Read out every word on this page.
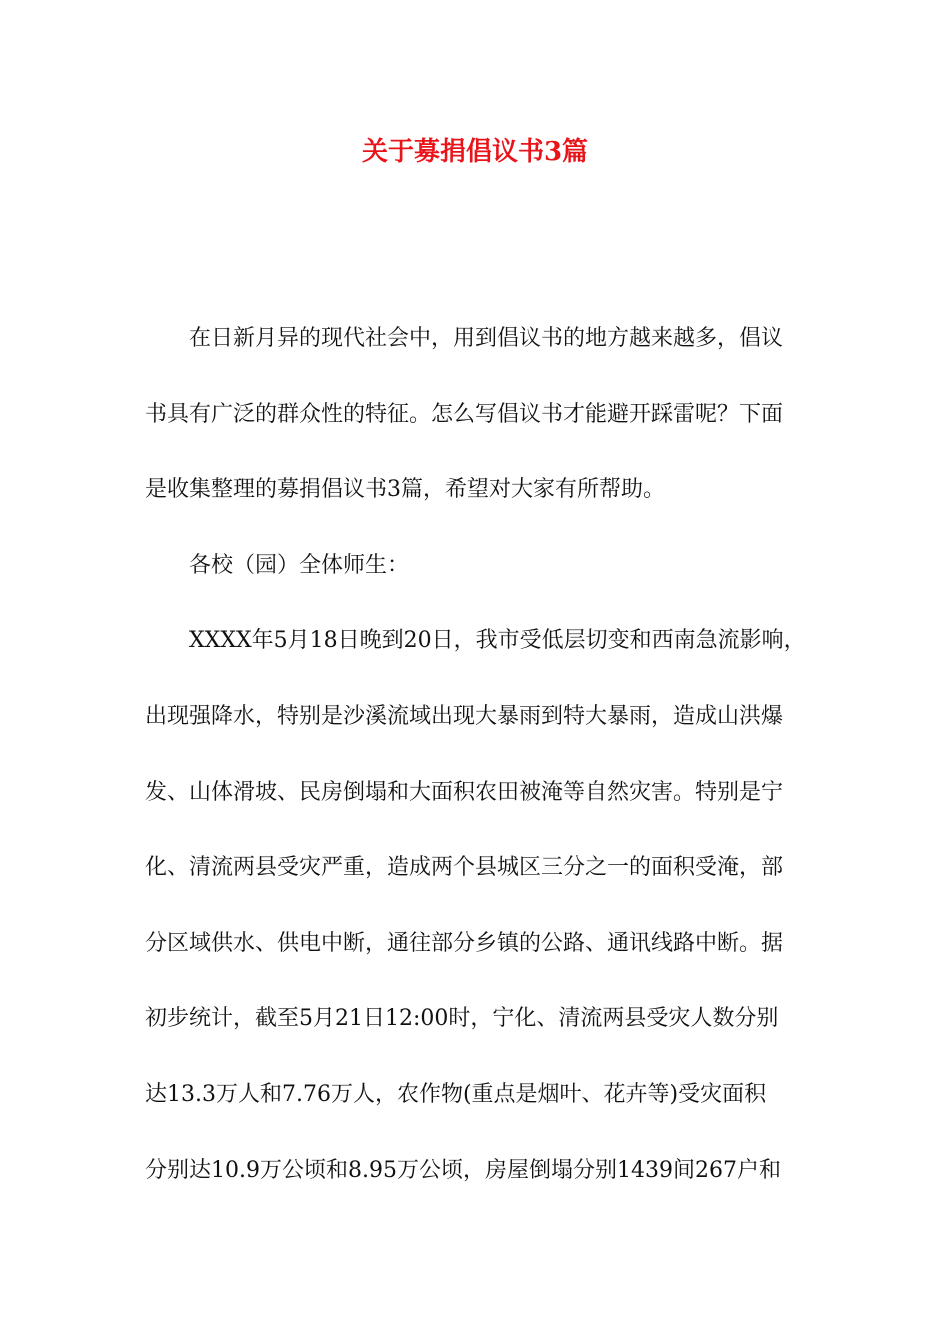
关于募捐倡议书3篇
在日新月异的现代社会中，用到倡议书的地方越来越多，倡议
书具有广泛的群众性的特征。怎么写倡议书才能避开踩雷呢？下面
是收集整理的募捐倡议书3篇，希望对大家有所帮助。
各校（园）全体师生：
XXXX年5月18日晚到20日，我市受低层切变和西南急流影响，
出现强降水，特别是沙溪流域出现大暴雨到特大暴雨，造成山洪爆
发、山体滑坡、民房倒塌和大面积农田被淹等自然灾害。特别是宁
化、清流两县受灾严重，造成两个县城区三分之一的面积受淹，部
分区域供水、供电中断，通往部分乡镇的公路、通讯线路中断。据
初步统计，截至5月21日12:00时，宁化、清流两县受灾人数分别
达13.3万人和7.76万人，农作物(重点是烟叶、花卉等)受灾面积
分别达10.9万公顷和8.95万公顷，房屋倒塌分别1439间267户和
